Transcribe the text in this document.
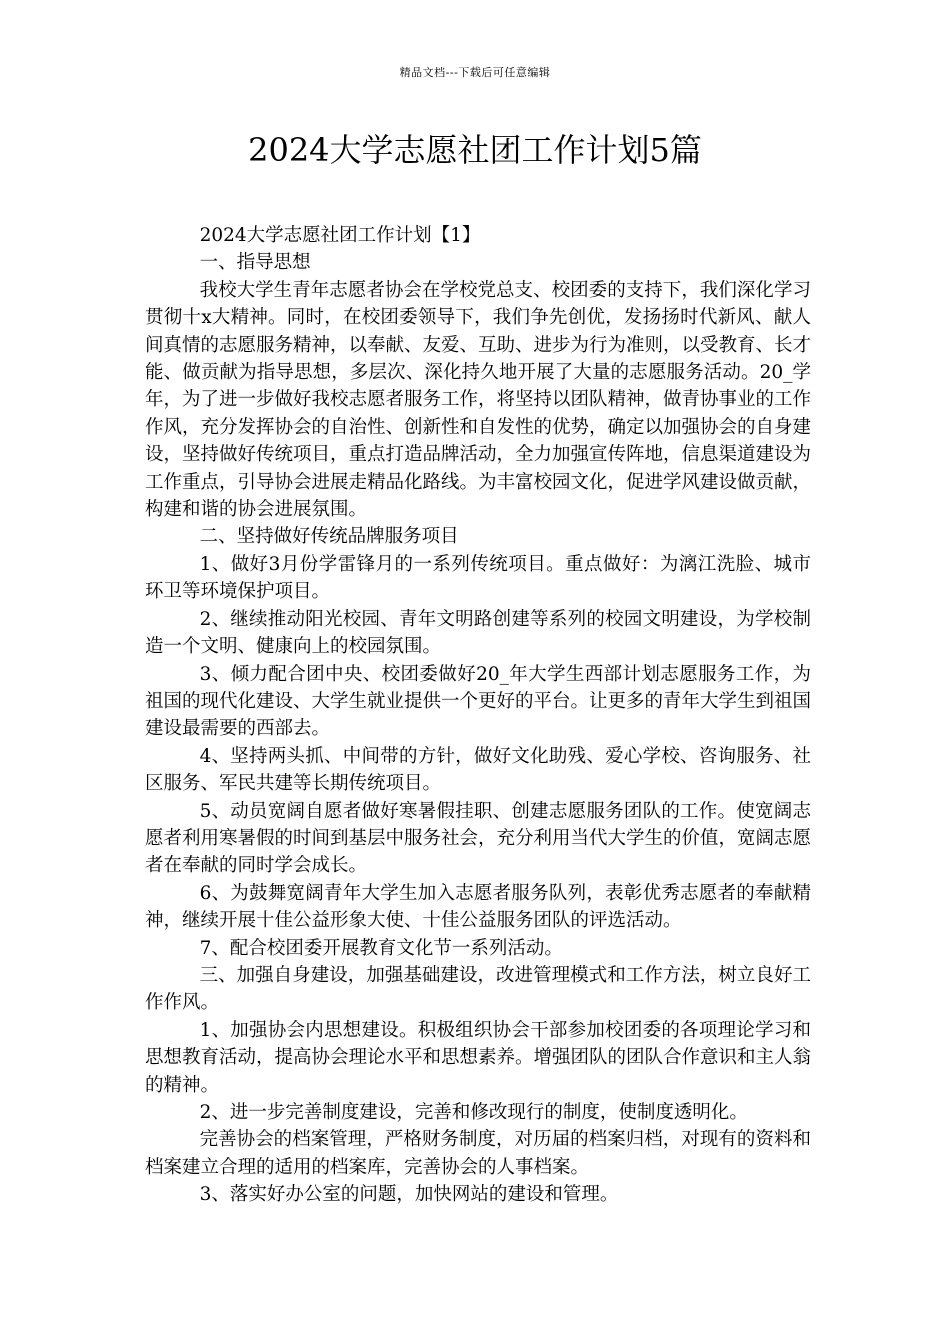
精品文档---下载后可任意编辑
2024大学志愿社团工作计划5篇

2024大学志愿社团工作计划【1】

一、指导思想

我校大学生青年志愿者协会在学校党总支、校团委的支持下，我们深化学习贯彻十x大精神。同时，在校团委领导下，我们争先创优，发扬扬时代新风、献人间真情的志愿服务精神，以奉献、友爱、互助、进步为行为准则，以受教育、长才能、做贡献为指导思想，多层次、深化持久地开展了大量的志愿服务活动。20_学年，为了进一步做好我校志愿者服务工作，将坚持以团队精神，做青协事业的工作作风，充分发挥协会的自治性、创新性和自发性的优势，确定以加强协会的自身建设，坚持做好传统项目，重点打造品牌活动，全力加强宣传阵地，信息渠道建设为工作重点，引导协会进展走精品化路线。为丰富校园文化，促进学风建设做贡献，构建和谐的协会进展氛围。

二、坚持做好传统品牌服务项目

1、做好3月份学雷锋月的一系列传统项目。重点做好：为漓江洗脸、城市环卫等环境保护项目。

2、继续推动阳光校园、青年文明路创建等系列的校园文明建设，为学校制造一个文明、健康向上的校园氛围。

3、倾力配合团中央、校团委做好20_年大学生西部计划志愿服务工作，为祖国的现代化建设、大学生就业提供一个更好的平台。让更多的青年大学生到祖国建设最需要的西部去。

4、坚持两头抓、中间带的方针，做好文化助残、爱心学校、咨询服务、社区服务、军民共建等长期传统项目。

5、动员宽阔自愿者做好寒暑假挂职、创建志愿服务团队的工作。使宽阔志愿者利用寒暑假的时间到基层中服务社会，充分利用当代大学生的价值，宽阔志愿者在奉献的同时学会成长。

6、为鼓舞宽阔青年大学生加入志愿者服务队列，表彰优秀志愿者的奉献精神，继续开展十佳公益形象大使、十佳公益服务团队的评选活动。

7、配合校团委开展教育文化节一系列活动。

三、加强自身建设，加强基础建设，改进管理模式和工作方法，树立良好工作作风。

1、加强协会内思想建设。积极组织协会干部参加校团委的各项理论学习和思想教育活动，提高协会理论水平和思想素养。增强团队的团队合作意识和主人翁的精神。

2、进一步完善制度建设，完善和修改现行的制度，使制度透明化。

完善协会的档案管理，严格财务制度，对历届的档案归档，对现有的资料和档案建立合理的适用的档案库，完善协会的人事档案。

3、落实好办公室的问题，加快网站的建设和管理。
